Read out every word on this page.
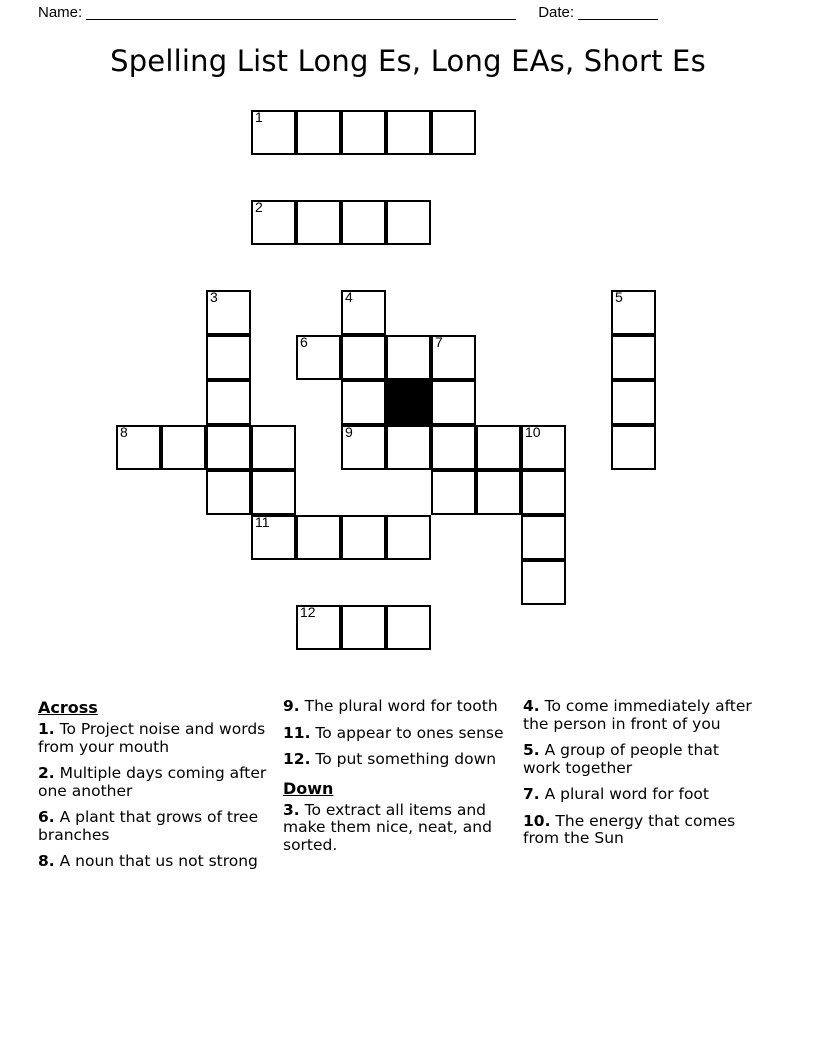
Name:	Date:
Spelling List Long Es, Long EAs, Short Es
1
2
3	4	5
6	7
8	9	10
11
12
Across

1. To Project noise and words from your mouth

2. Multiple days coming after one another

6. A plant that grows of tree branches

8. A noun that us not strong

9. The plural word for tooth

11. To appear to ones sense

12. To put something down

Down

3. To extract all items and make them nice, neat, and sorted.

4. To come immediately after the person in front of you

5. A group of people that work together

7. A plural word for foot

10. The energy that comes from the Sun
